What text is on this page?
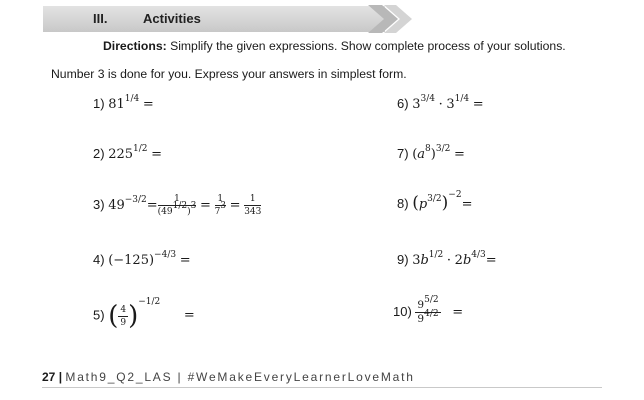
III.	Activities
Directions: Simplify the given expressions. Show complete process of your solutions.
Number 3 is done for you. Express your answers in simplest form.
1) $81^{1/4}$ =
2) $225^{1/2}$ =
3) $49^{-3/2}= \frac{1}{(49^{1/2})^3} = \frac{1}{7^3} = \frac{1}{343}$
4) $(-125)^{-4/3}$ =
5) ( $\frac{4}{9} )^{-1/2}$ =
6) $3^{3/4} \cdot 3^{1/4}$ =
7) $(a^8)^{3/2}$ =
8) $(p^{3/2})^{-2}=$
9) $3b^{1/2} \cdot 2b^{4/3}=$
$10) \frac{9^{5/2}}{9^{4/2}}$ =
27 | Math9_Q2_LAS | #WeMakeEveryLearnerLoveMath
